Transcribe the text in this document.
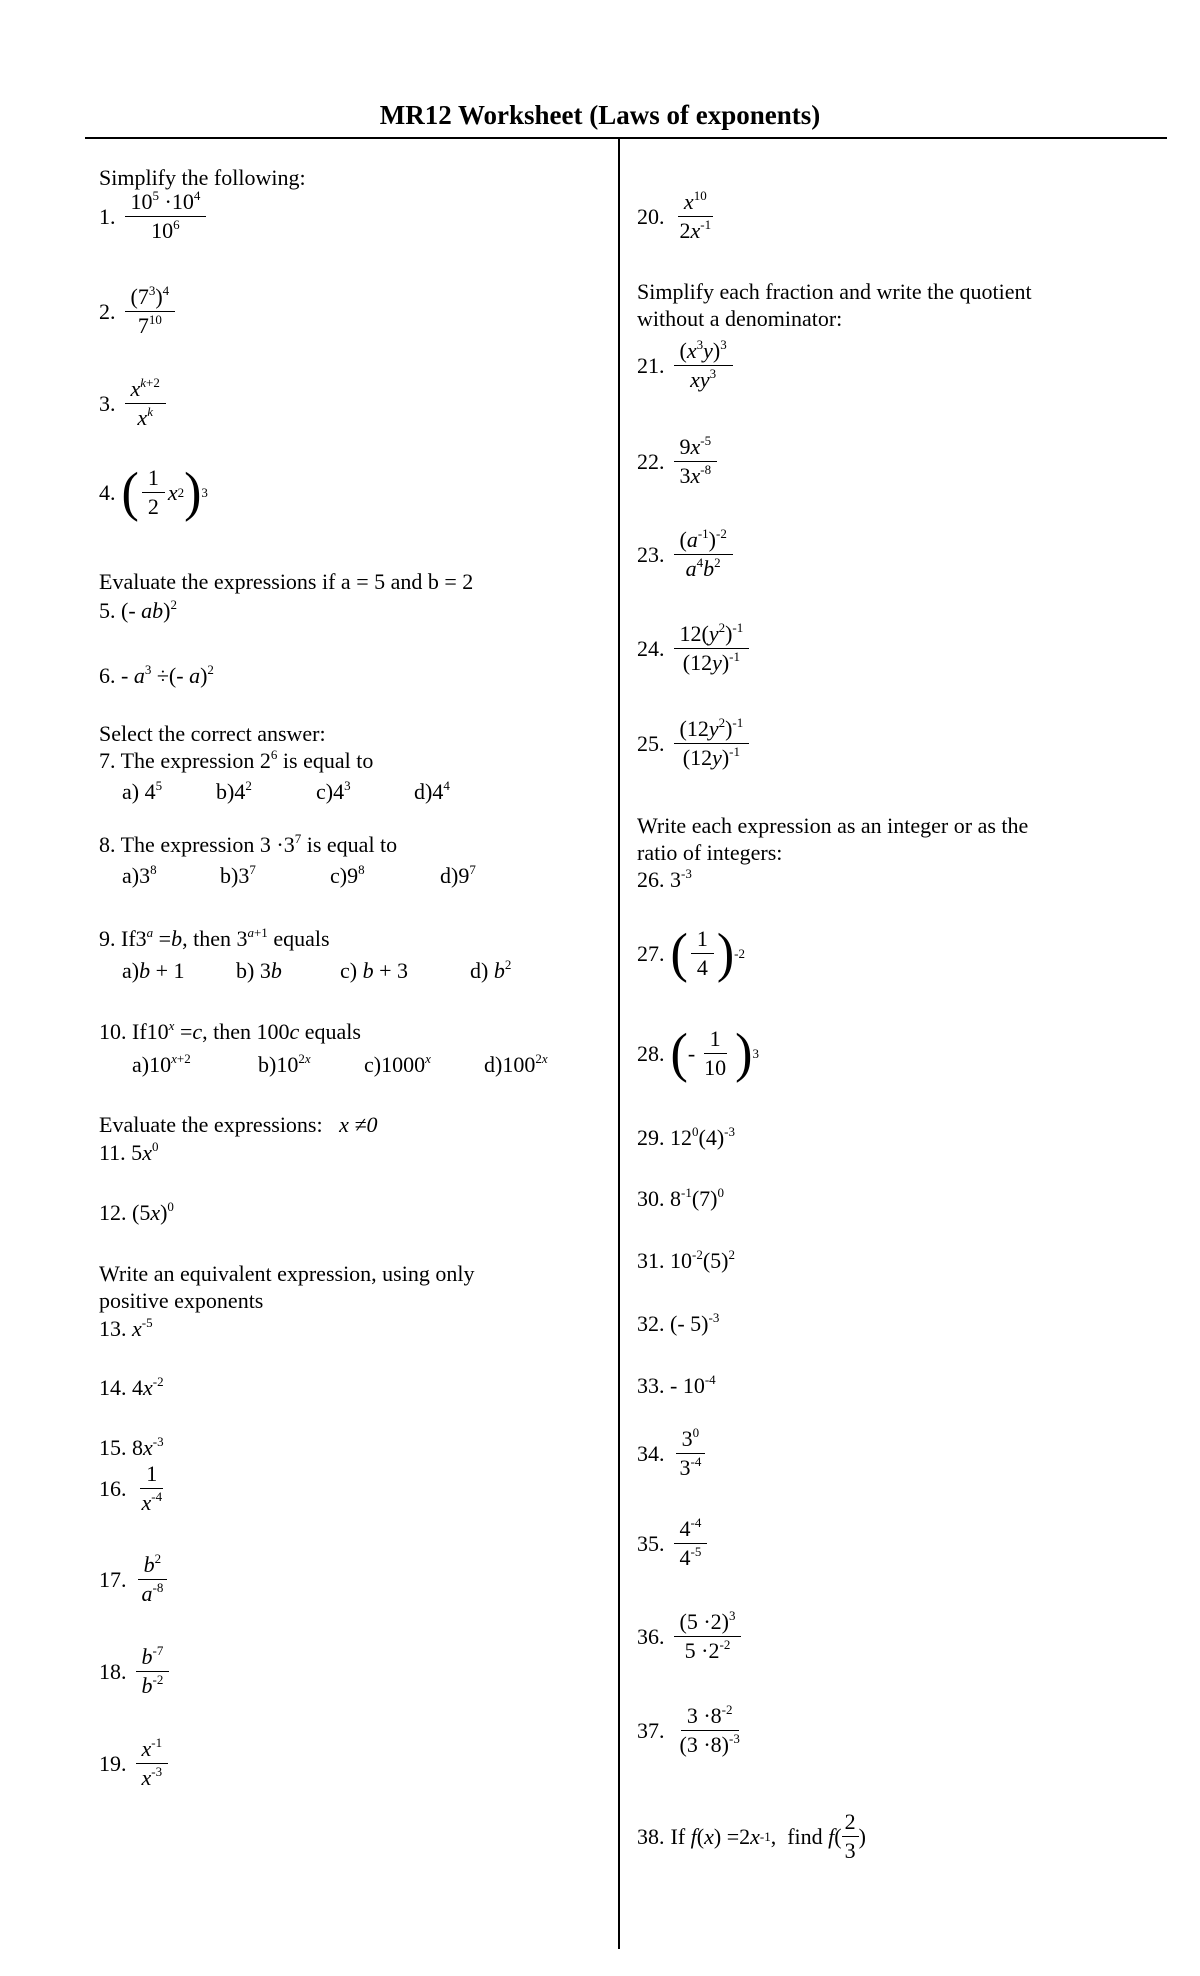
MR12 Worksheet (Laws of exponents)
Simplify the following:
1. $\frac{10^5 \cdot 10^4}{10^6}$
2. $\frac{(7^3)^4}{7^{10}}$
3. $\frac{x^{k+2}}{x^k}$
4. ( $\frac{1}{2}$ x 2 ) 3
Evaluate the expressions if a = 5 and b = 2
5. (- ab)$^2$
6. - $a^3$ ÷(- a)$^2$
Select the correct answer:
7. The expression $2^6$ is equal to
a) $4^5$ $b)4^2$	$c)4^3$	$d)4^4$
8. The expression $3 \cdot 3^7$ is equal to
$a)3^8$	$b)3^7$	$c)9^8$	$d)9^7$
9. $If3^a =b$, then $3^{a+1}$ equals
a)b + 1 b) 3b	c) b + 3	d) $b^2$
10. $If10^x =c$, then 100c equals
$a)10^{x+2}$	$b)10^{2x}$ c)1000$^x$ $d)100^{2x}$
Evaluate the expressions: x ≠0
11. $5x^0$
12. $(5x)^0$
Write an equivalent expression, using only
positive exponents
13. $x^{-5}$
14. $4x^{-2}$
15. $8x^{-3}$
16. $\frac{1}{x^{-4}}$
17. $\frac{b^2}{a^{-8}}$
18. $\frac{b^{-7}}{b^{-2}}$
19. $\frac{x^{-1}}{x^{-3}}$
20. $\frac{x^{10}}{2x^{-1}}$
Simplify each fraction and write the quotient
without a denominator:
21. $\frac{(x^3y)^3}{xy^3}$
22. $\frac{9x^{-5}}{3x^{-8}}$
23. $\frac{(a^{-1})^{-2}}{a^4b^2}$
24. $\frac{12(y^2)^{-1}}{(12y)^{-1}}$
25. $\frac{(12y^2)^{-1}}{(12y)^{-1}}$
Write each expression as an integer or as the
ratio of integers:
26. $3^{-3}$
27. ( $\frac{1}{4}$ ) -2
28. ( - $\frac{1}{10}$ ) 3
29. $12^0(4)^{-3}$
30. $8^{-1}(7)^0$
31. $10^{-2}(5)^2$
32. (- 5)$^{-3}$
33. - $10^{-4}$
34. $\frac{3^0}{3^{-4}}$
35. $\frac{4^{-4}}{4^{-5}}$
36. $\frac{(5 \cdot 2)^3}{5 \cdot 2^{-2}}$
37. $\frac{3 \cdot 8^{-2}}{(3 \cdot 8)^{-3}}$
38. If
f ( x ) =2 x -1 , find
f ( $\frac{2}{3}$ )
